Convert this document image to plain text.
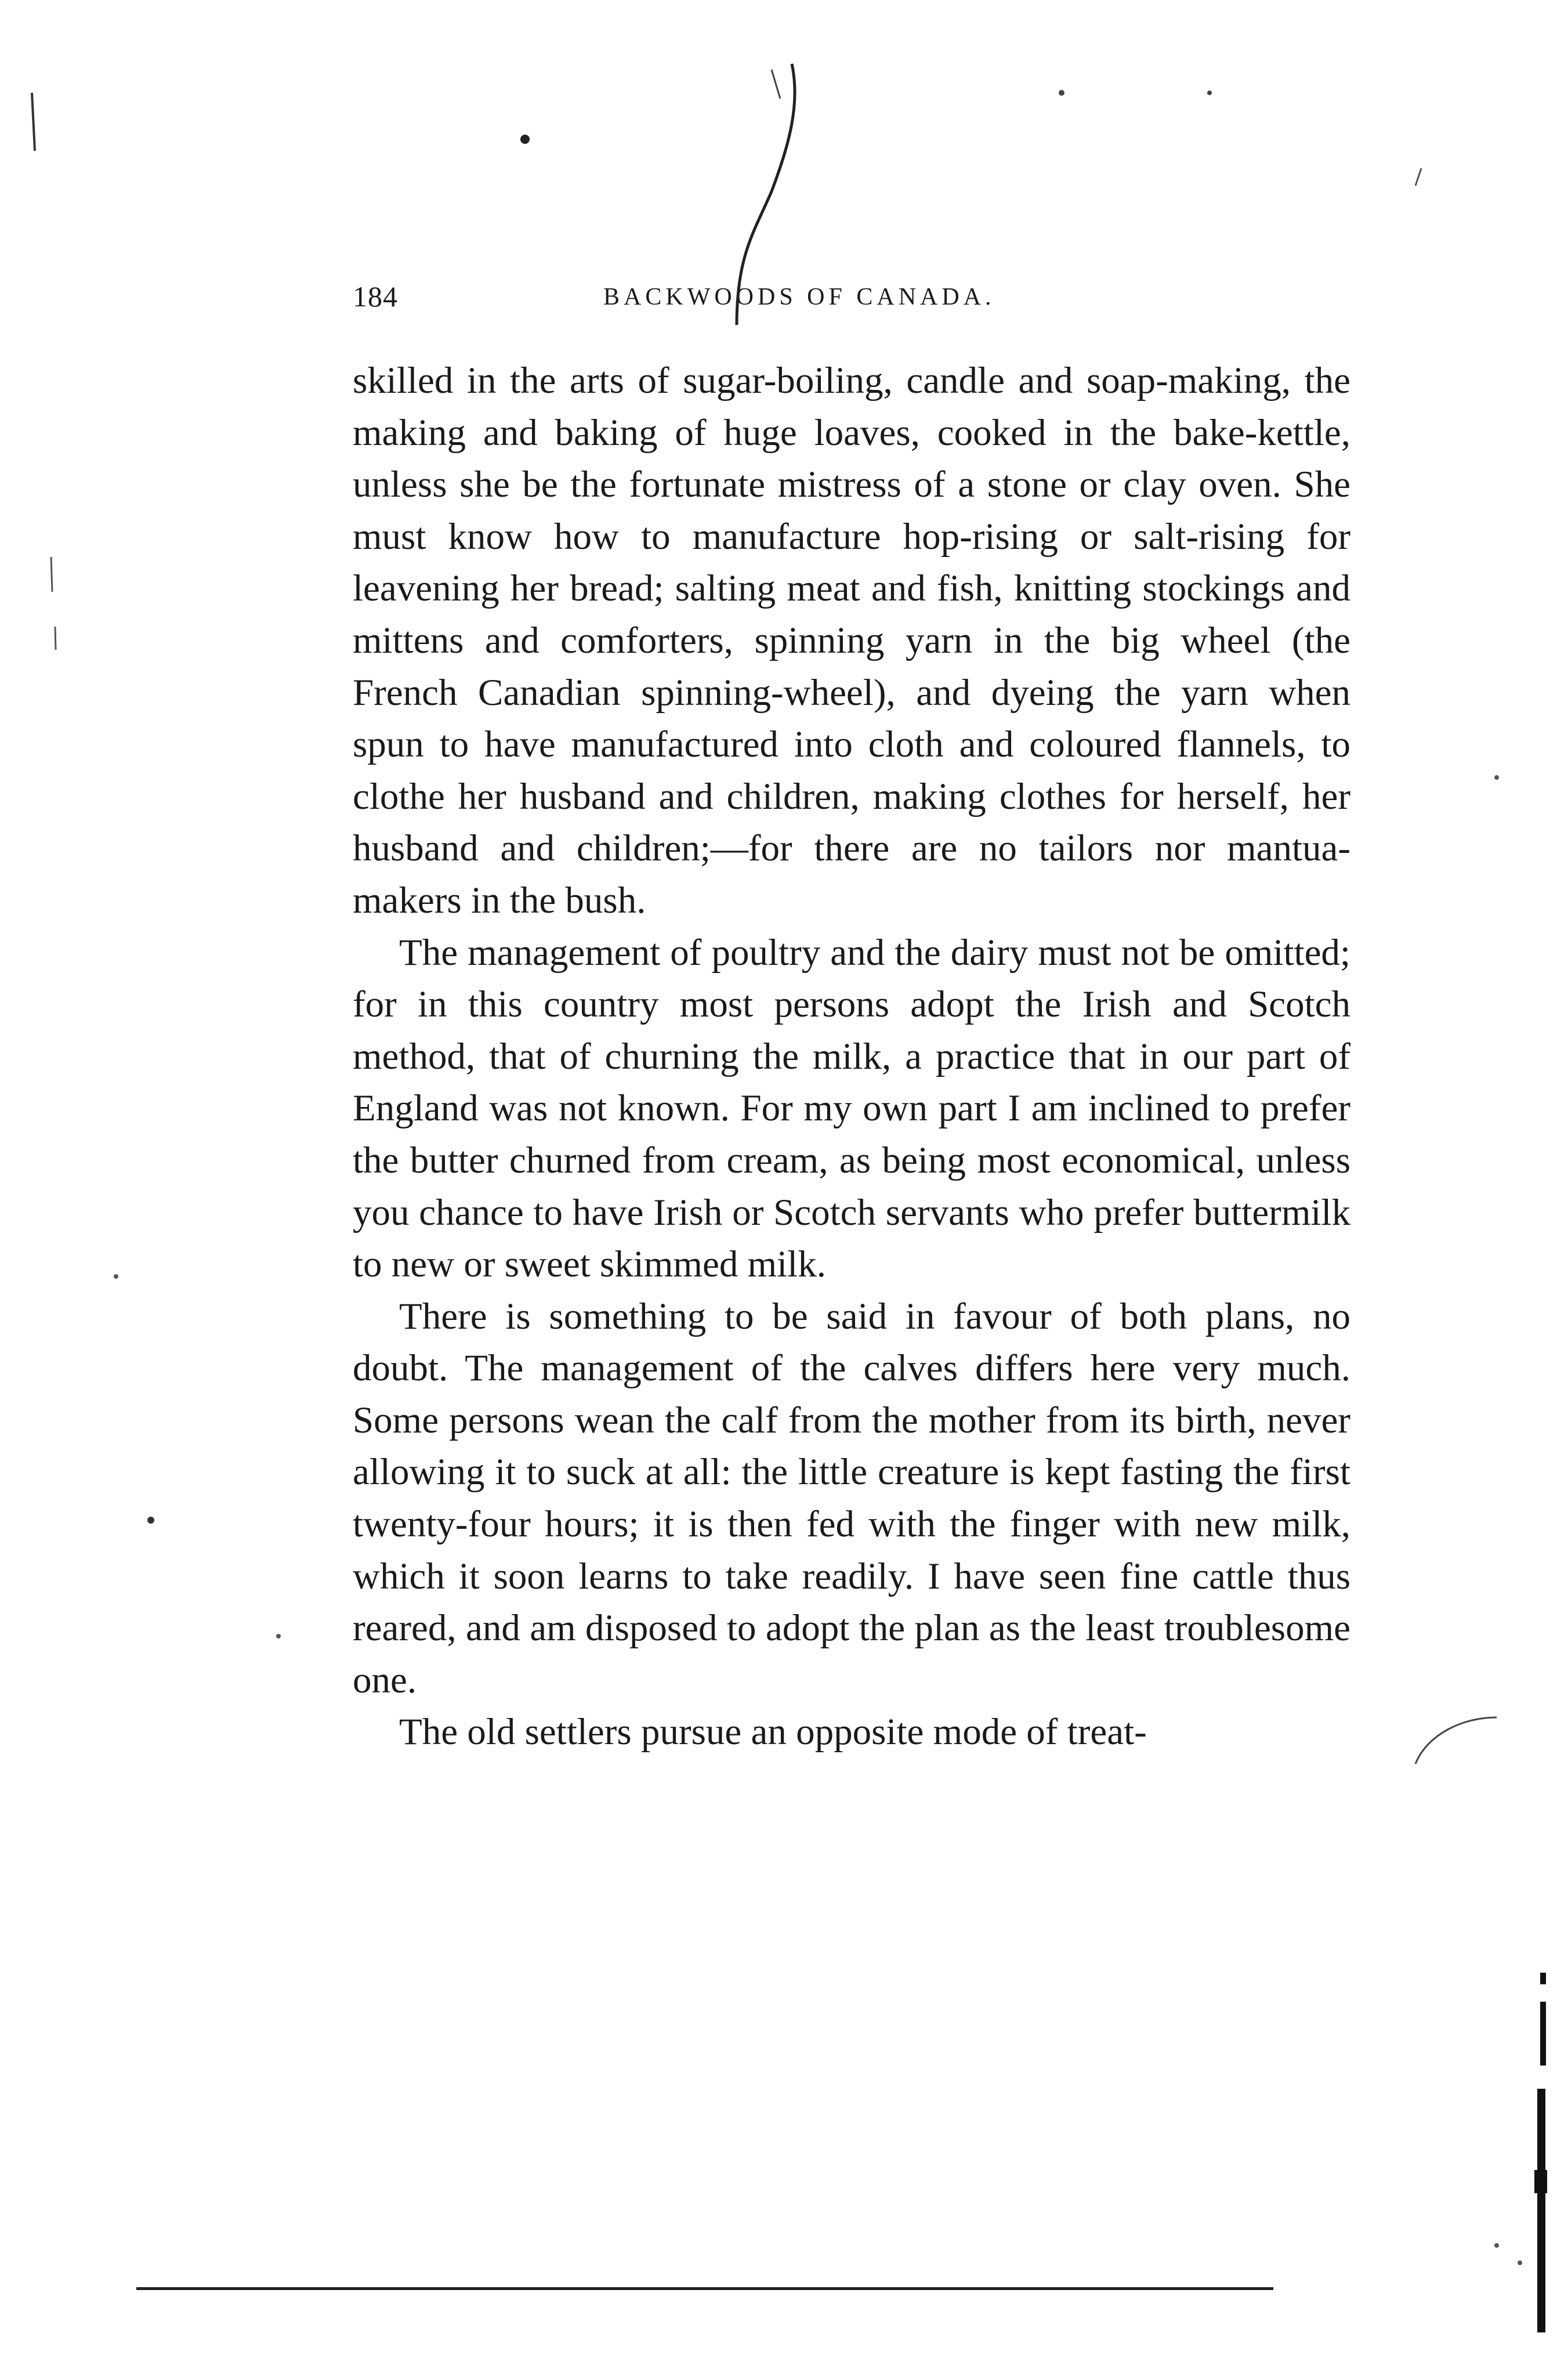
184	BACKWOODS OF CANADA.

skilled in the arts of sugar-boiling, candle and soap-making, the making and baking of huge loaves, cooked in the bake-kettle, unless she be the fortunate mistress of a stone or clay oven. She must know how to manufacture hop-rising or salt-rising for leavening her bread; salting meat and fish, knitting stockings and mittens and comforters, spinning yarn in the big wheel (the French Canadian spinning-wheel), and dyeing the yarn when spun to have manufactured into cloth and coloured flannels, to clothe her husband and children, making clothes for herself, her husband and children;—for there are no tailors nor mantua-makers in the bush.

The management of poultry and the dairy must not be omitted; for in this country most persons adopt the Irish and Scotch method, that of churning the milk, a practice that in our part of England was not known. For my own part I am inclined to prefer the butter churned from cream, as being most economical, unless you chance to have Irish or Scotch servants who prefer buttermilk to new or sweet skimmed milk.

There is something to be said in favour of both plans, no doubt. The management of the calves differs here very much. Some persons wean the calf from the mother from its birth, never allowing it to suck at all: the little creature is kept fasting the first twenty-four hours; it is then fed with the finger with new milk, which it soon learns to take readily. I have seen fine cattle thus reared, and am disposed to adopt the plan as the least troublesome one.

The old settlers pursue an opposite mode of treat-
